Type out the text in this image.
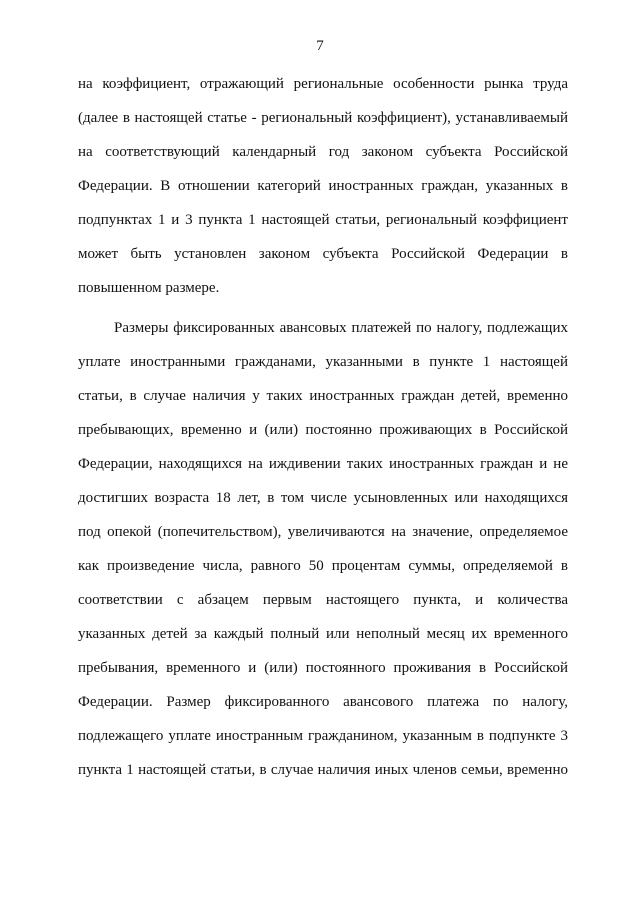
7
на коэффициент, отражающий региональные особенности рынка труда
(далее в настоящей статье - региональный коэффициент), устанавливаемый
на соответствующий календарный год законом субъекта Российской
Федерации. В отношении категорий иностранных граждан, указанных в
подпунктах 1 и 3 пункта 1 настоящей статьи, региональный коэффициент
может быть установлен законом субъекта Российской Федерации в
повышенном размере.
Размеры фиксированных авансовых платежей по налогу, подлежащих
уплате иностранными гражданами, указанными в пункте 1 настоящей
статьи, в случае наличия у таких иностранных граждан детей, временно
пребывающих, временно и (или) постоянно проживающих в Российской
Федерации, находящихся на иждивении таких иностранных граждан и не
достигших возраста 18 лет, в том числе усыновленных или находящихся
под опекой (попечительством), увеличиваются на значение, определяемое
как произведение числа, равного 50 процентам суммы, определяемой в
соответствии с абзацем первым настоящего пункта, и количества
указанных детей за каждый полный или неполный месяц их временного
пребывания, временного и (или) постоянного проживания в Российской
Федерации. Размер фиксированного авансового платежа по налогу,
подлежащего уплате иностранным гражданином, указанным в подпункте 3
пункта 1 настоящей статьи, в случае наличия иных членов семьи, временно
